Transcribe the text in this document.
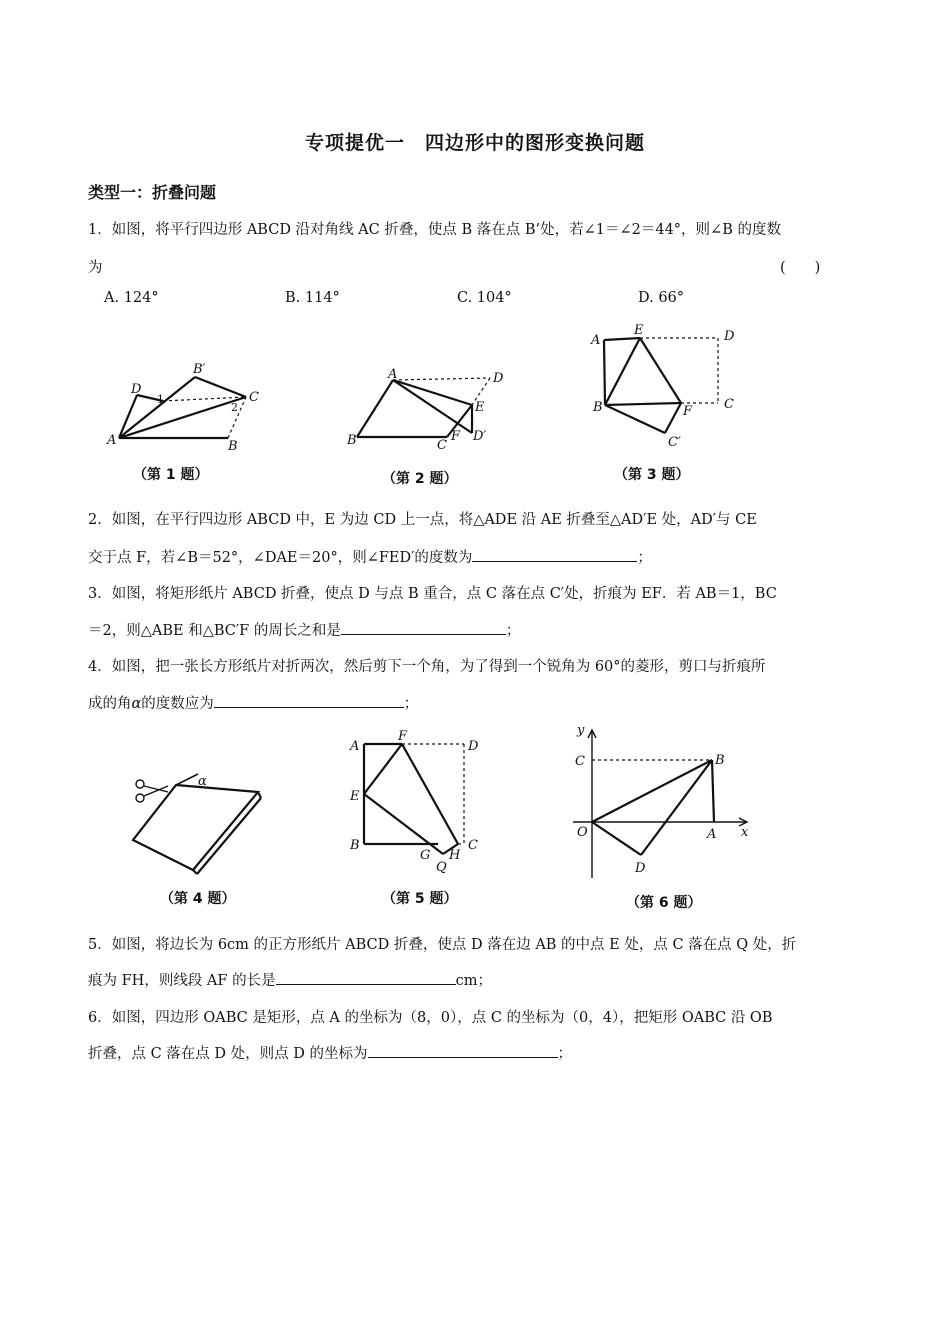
专项提优一　四边形中的图形变换问题
类型一：折叠问题
1．如图，将平行四边形 ABCD 沿对角线 AC 折叠，使点 B 落在点 B’处，若∠1＝∠2＝44°，则∠B 的度数
为	(　　)
A. 124°	B. 114°	C. 104°	D. 66°
A	B
C
D
B′
1
2
A
B	C
D
E
F D′
A
E	D
B	F C
C′
（第 1 题）	（第 2 题）	（第 3 题）
2．如图，在平行四边形 ABCD 中，E 为边 CD 上一点，将△ADE 沿 AE 折叠至△AD′E 处，AD′与 CE
交于点 F，若∠B＝52°，∠DAE＝20°，则∠FED′的度数为	；
3．如图，将矩形纸片 ABCD 折叠，使点 D 与点 B 重合，点 C 落在点 C′处，折痕为 EF．若 AB＝1，BC
＝2，则△ABE 和△BC′F 的周长之和是	；
4．如图，把一张长方形纸片对折两次，然后剪下一个角，为了得到一个锐角为 60°的菱形，剪口与折痕所
成的角α的度数应为	；
α
A
F
D
E
B
G H
Q
C
y
C	B
O	A x
D
（第 4 题）	（第 5 题）	（第 6 题）
5．如图，将边长为 6cm 的正方形纸片 ABCD 折叠，使点 D 落在边 AB 的中点 E 处，点 C 落在点 Q 处，折
痕为 FH，则线段 AF 的长是	cm；
6．如图，四边形 OABC 是矩形，点 A 的坐标为（8，0），点 C 的坐标为（0，4），把矩形 OABC 沿 OB
折叠，点 C 落在点 D 处，则点 D 的坐标为	；
